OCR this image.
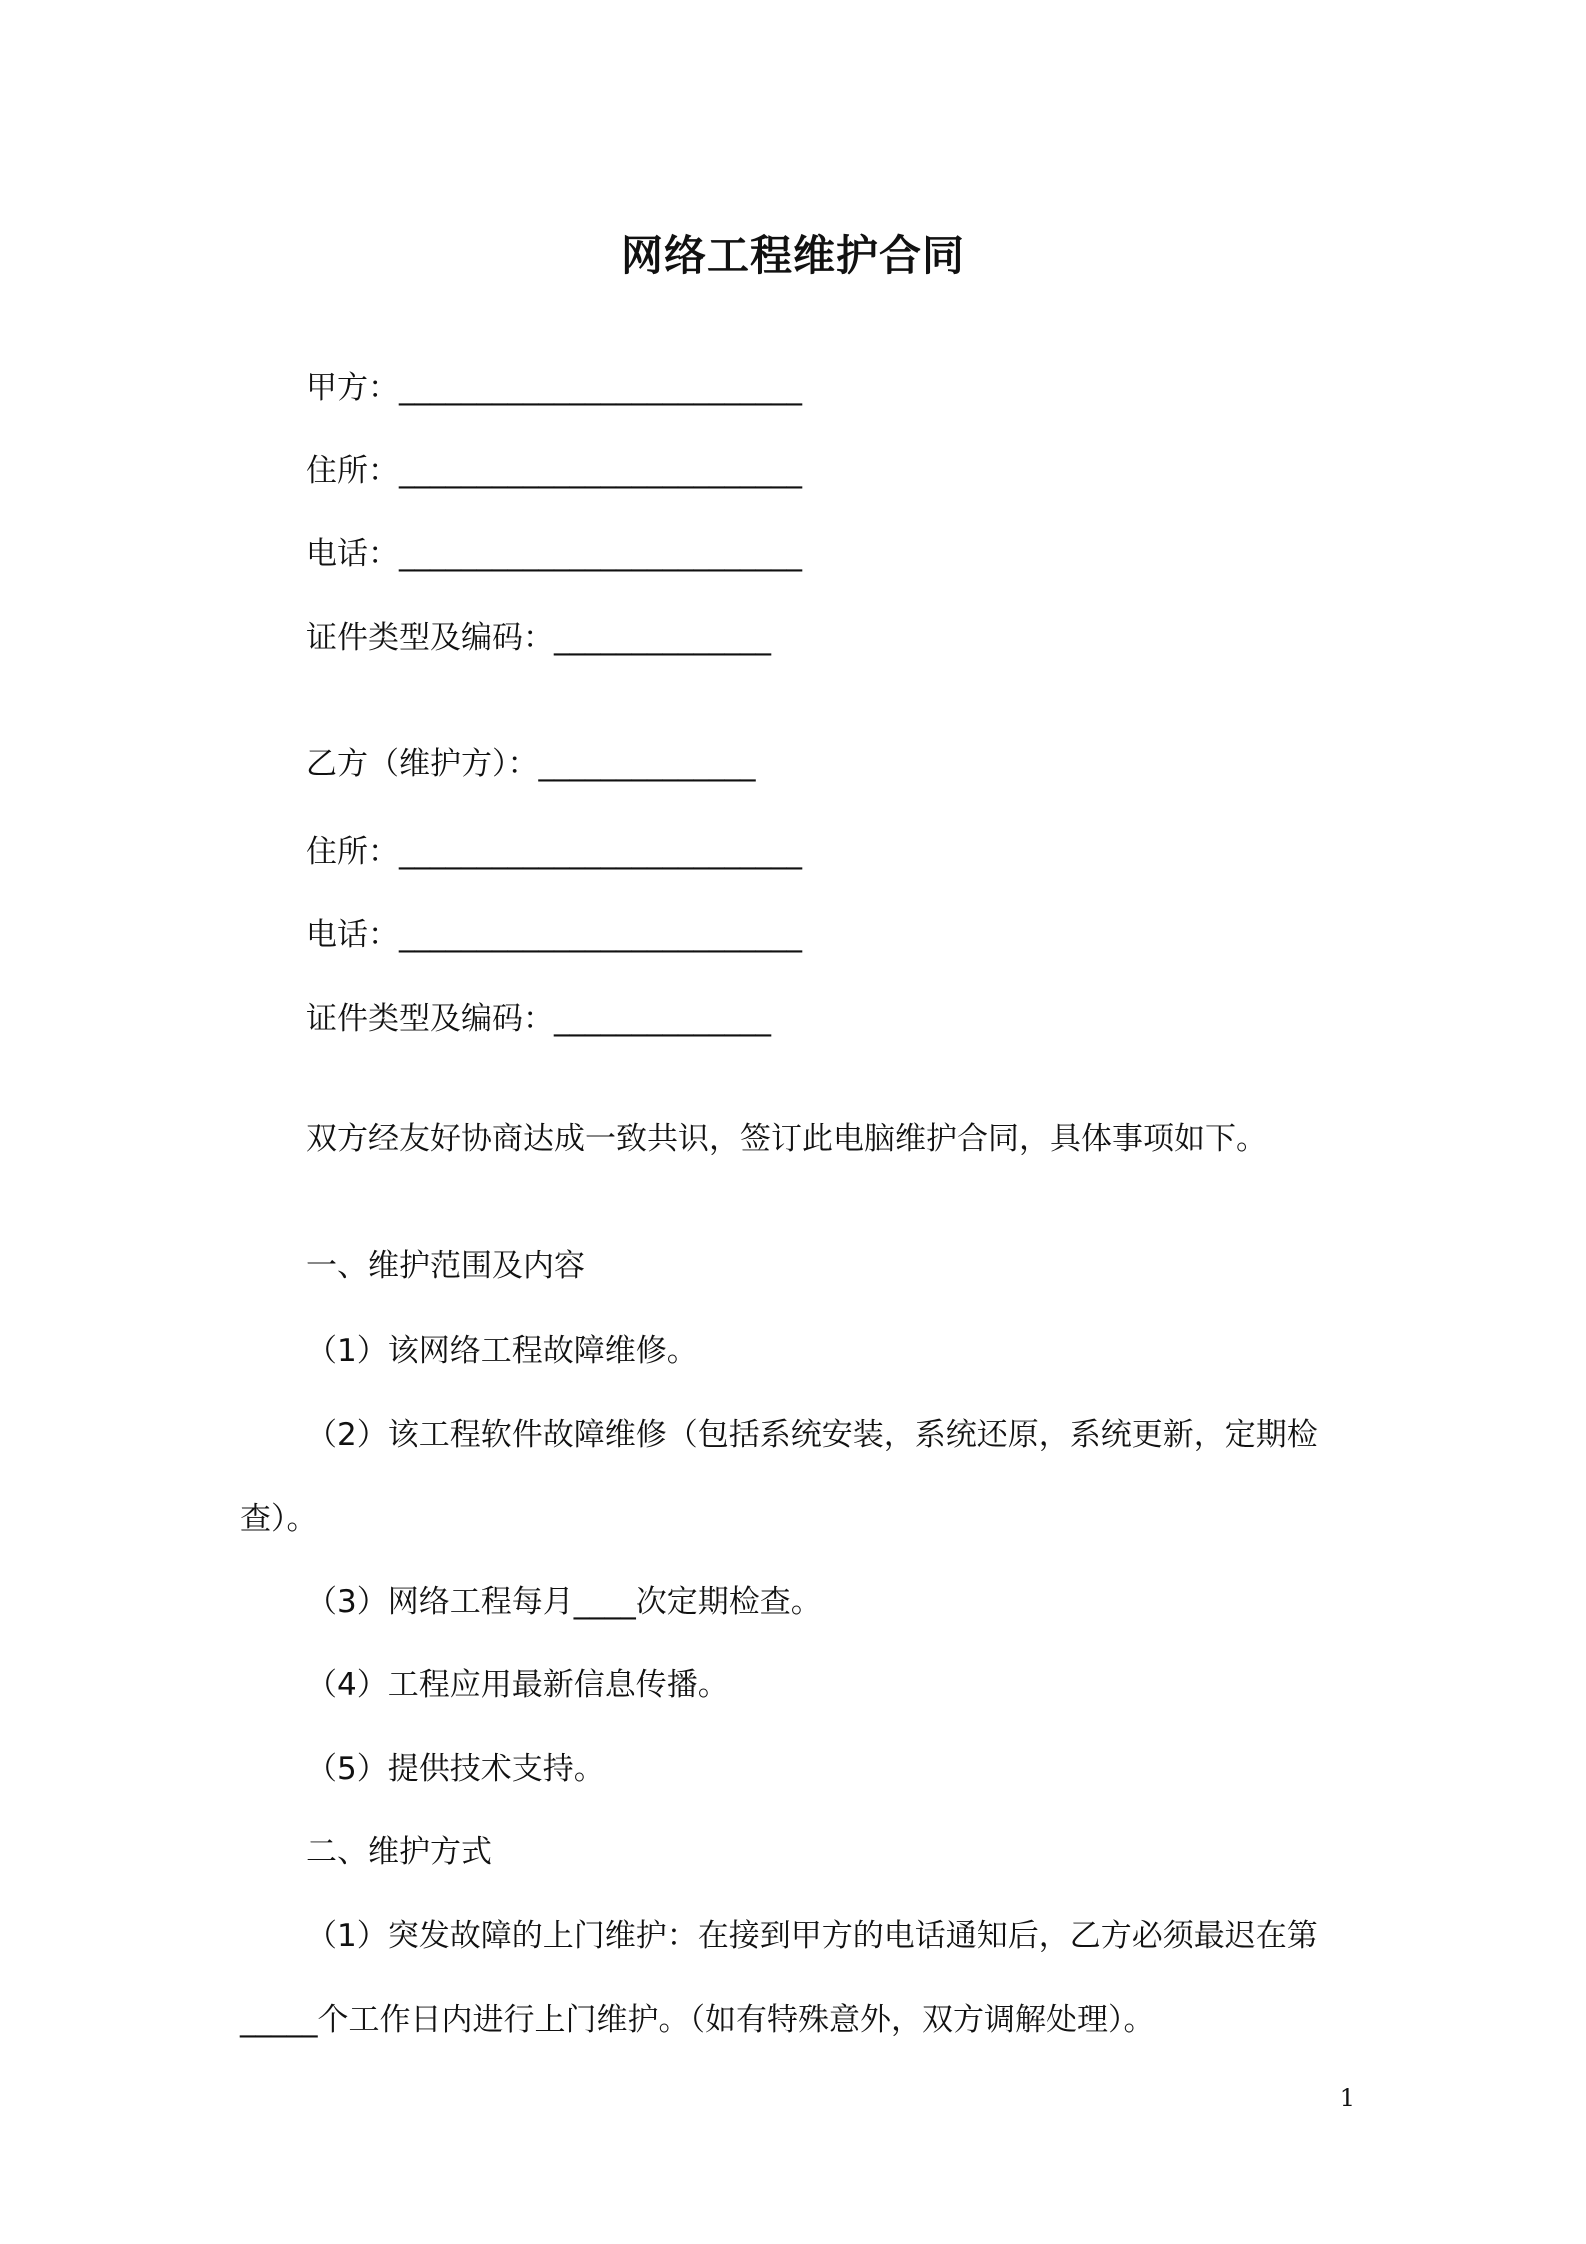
网络工程维护合同
甲方：__________________________
住所：__________________________
电话：__________________________
证件类型及编码：______________
乙方（维护方）：______________
住所：__________________________
电话：__________________________
证件类型及编码：______________
双方经友好协商达成一致共识，签订此电脑维护合同，具体事项如下。
一、维护范围及内容
（1）该网络工程故障维修。
（2）该工程软件故障维修（包括系统安装，系统还原，系统更新，定期检
查）。
（3）网络工程每月____次定期检查。
（4）工程应用最新信息传播。
（5）提供技术支持。
二、维护方式
（1）突发故障的上门维护：在接到甲方的电话通知后，乙方必须最迟在第
_____个工作日内进行上门维护。（如有特殊意外，双方调解处理）。
1
